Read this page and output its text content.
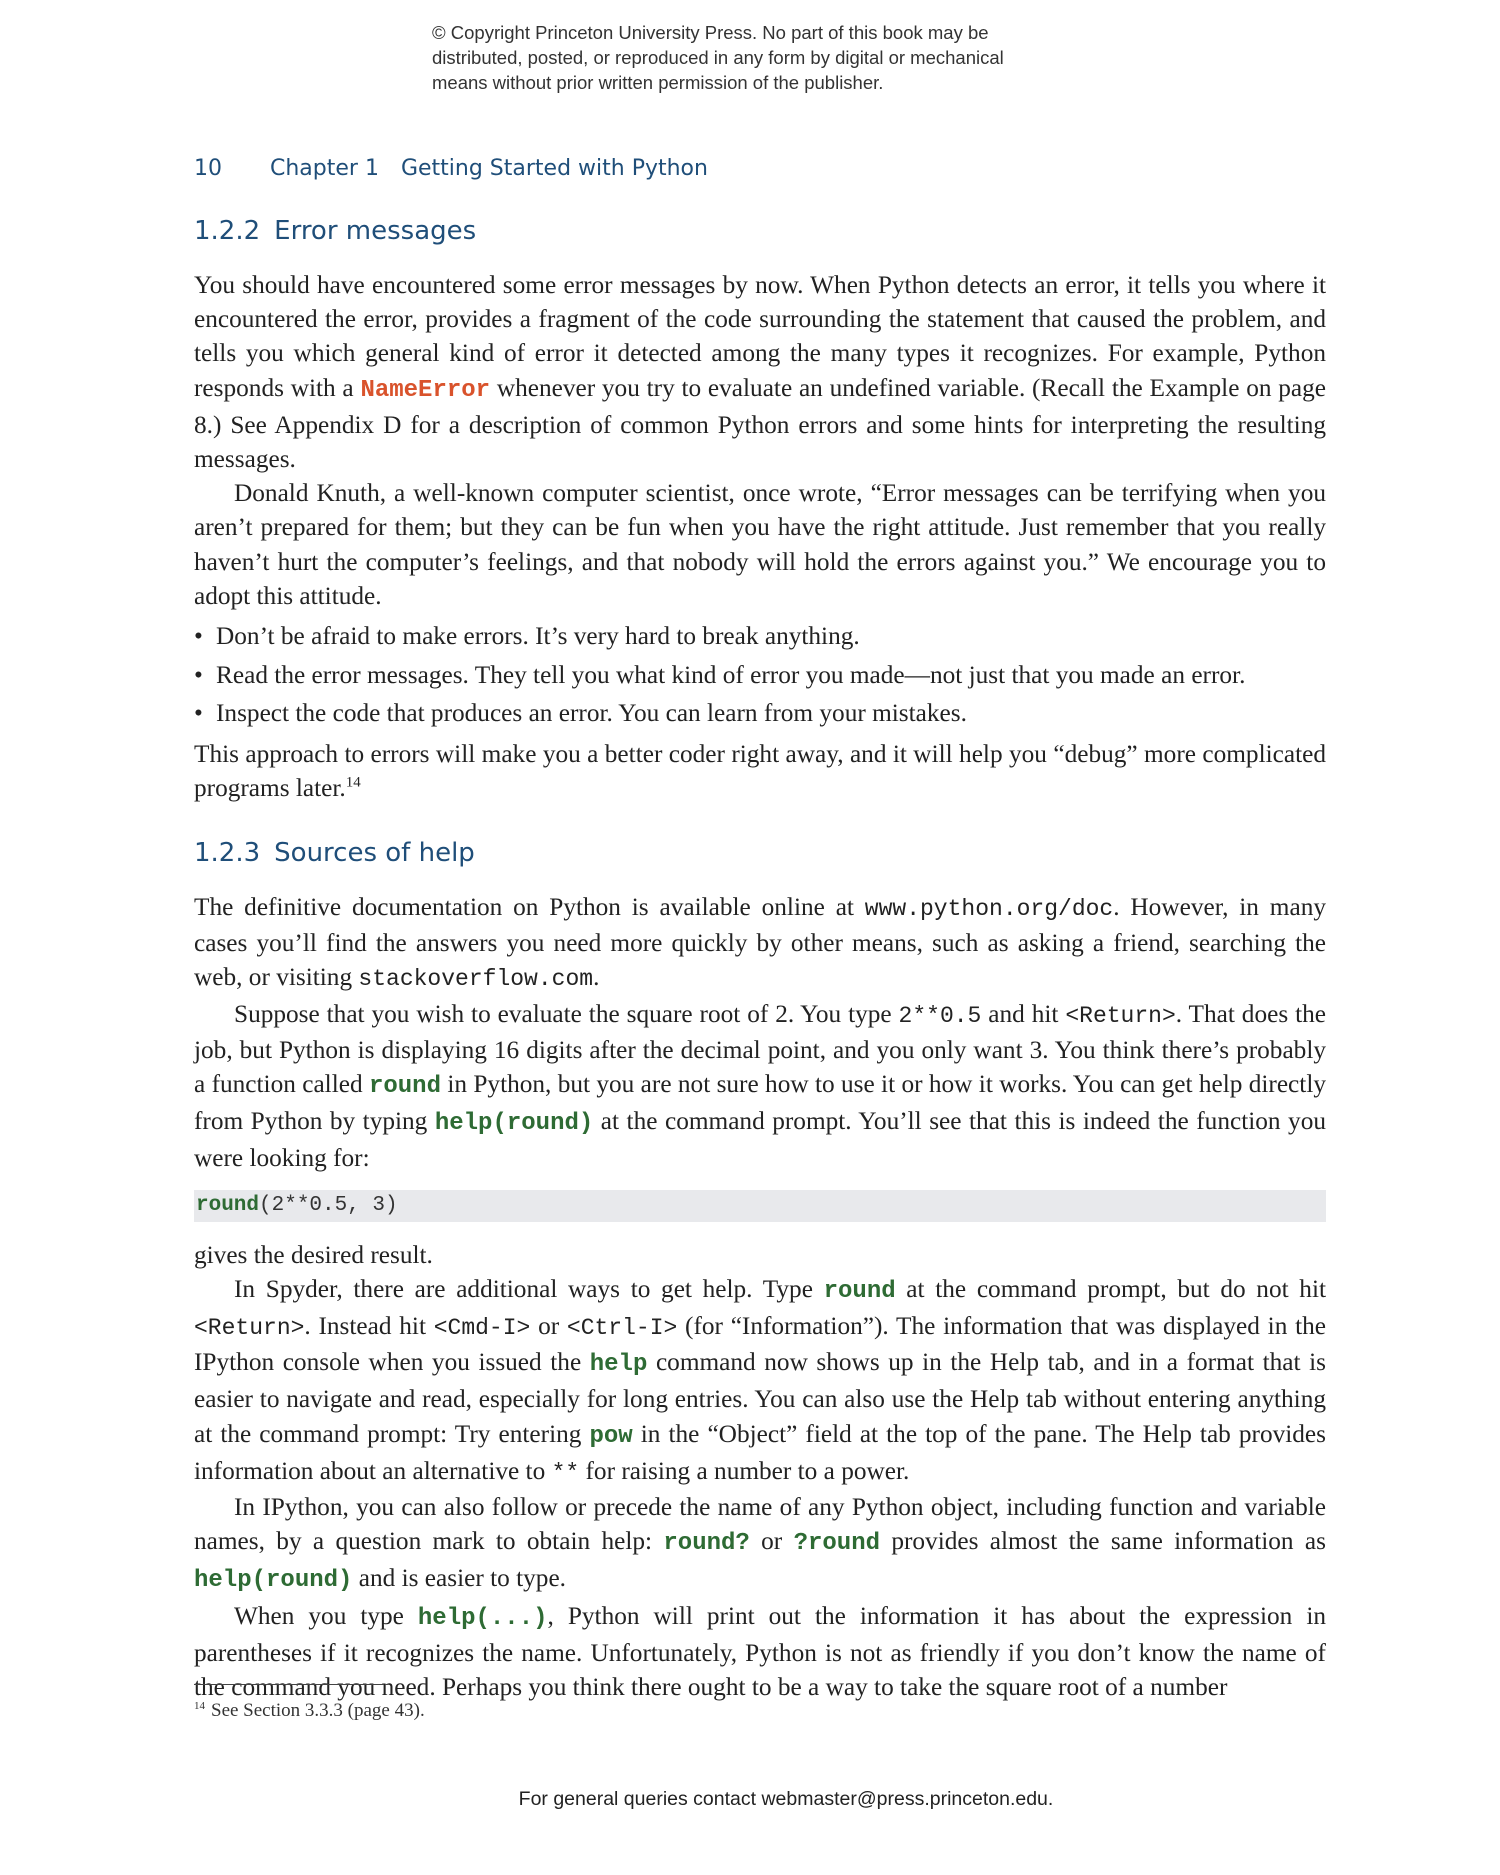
© Copyright Princeton University Press. No part of this book may be
distributed, posted, or reproduced in any form by digital or mechanical
means without prior written permission of the publisher.
10 Chapter 1 Getting Started with Python
1.2.2 Error messages

You should have encountered some error messages by now. When Python detects an error, it tells you where it encountered the error, provides a fragment of the code surrounding the statement that caused the problem, and tells you which general kind of error it detected among the many types it recognizes. For example, Python responds with a NameError whenever you try to evaluate an undefined variable. (Recall the Example on page 8.) See Appendix D for a description of common Python errors and some hints for interpreting the resulting messages.

Donald Knuth, a well-known computer scientist, once wrote, “Error messages can be terrifying when you aren’t prepared for them; but they can be fun when you have the right attitude. Just remember that you really haven’t hurt the computer’s feelings, and that nobody will hold the errors against you.” We encourage you to adopt this attitude.

• Don’t be afraid to make errors. It’s very hard to break anything.
• Read the error messages. They tell you what kind of error you made—not just that you made an error.
• Inspect the code that produces an error. You can learn from your mistakes.

This approach to errors will make you a better coder right away, and it will help you “debug” more complicated programs later.$^{14}$

1.2.3 Sources of help

The definitive documentation on Python is available online at www.python.org/doc. However, in many cases you’ll find the answers you need more quickly by other means, such as asking a friend, searching the web, or visiting stackoverflow.com.

Suppose that you wish to evaluate the square root of 2. You type 2**0.5 and hit <Return>. That does the job, but Python is displaying 16 digits after the decimal point, and you only want 3. You think there’s probably a function called round in Python, but you are not sure how to use it or how it works. You can get help directly from Python by typing help(round) at the command prompt. You’ll see that this is indeed the function you were looking for:

round(2**0.5, 3)

gives the desired result.

In Spyder, there are additional ways to get help. Type round at the command prompt, but do not hit <Return>. Instead hit <Cmd-I> or <Ctrl-I> (for “Information”). The information that was displayed in the IPython console when you issued the help command now shows up in the Help tab, and in a format that is easier to navigate and read, especially for long entries. You can also use the Help tab without entering anything at the command prompt: Try entering pow in the “Object” field at the top of the pane. The Help tab provides information about an alternative to ** for raising a number to a power.

In IPython, you can also follow or precede the name of any Python object, including function and variable names, by a question mark to obtain help: round? or ?round provides almost the same information as help(round) and is easier to type.

When you type help(...), Python will print out the information it has about the expression in parentheses if it recognizes the name. Unfortunately, Python is not as friendly if you don’t know the name of the command you need. Perhaps you think there ought to be a way to take the square root of a number

$^{14}$ See Section 3.3.3 (page 43).
For general queries contact webmaster@press.princeton.edu.
